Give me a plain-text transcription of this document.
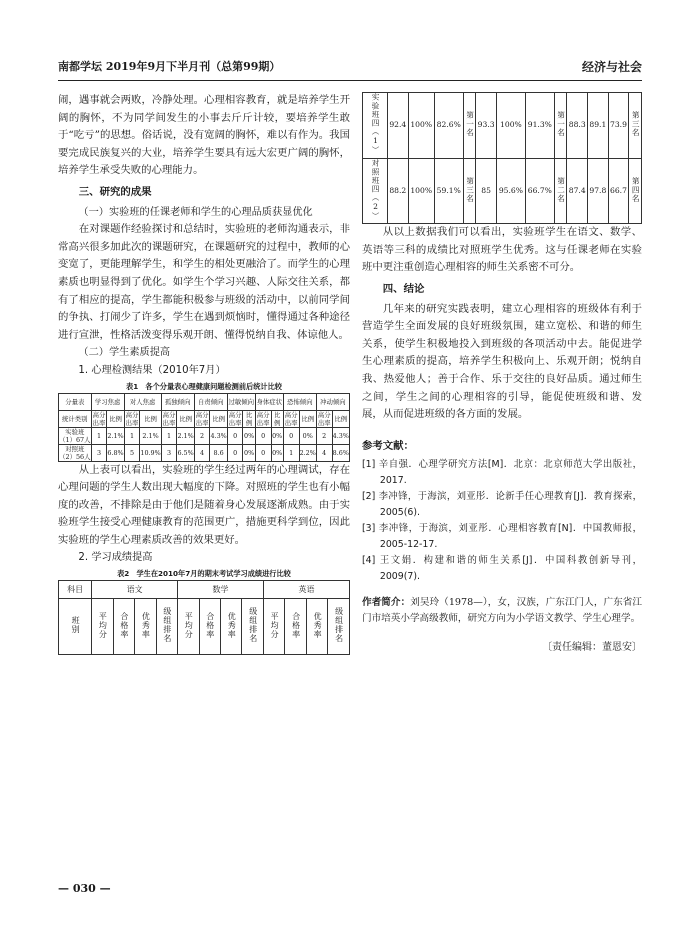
南都学坛 2019年9月下半月刊（总第99期）	经济与社会

闹，遇事就会两败，冷静处理。心理相容教育，就是培养学生开阔的胸怀，不为同学间发生的小事去斤斤计较，要培养学生敢于“吃亏”的思想。俗话说，没有宽阔的胸怀，难以有作为。我国要完成民族复兴的大业，培养学生要具有远大宏更广阔的胸怀，培养学生承受失败的心理能力。

三、研究的成果
（一）实验班的任课老师和学生的心理品质获显优化

在对课题作经验探讨和总结时，实验班的老师沟通表示，非常高兴很多加此次的课题研究，在课题研究的过程中，教师的心变宽了，更能理解学生，和学生的相处更融洽了。而学生的心理素质也明显得到了优化。如学生个学习兴趣、人际交往关系，都有了相应的提高，学生都能积极参与班级的活动中，以前同学间的争执、打闹少了许多，学生在遇到烦恼时，懂得通过各种途径进行宣泄，性格活泼变得乐观开朗、懂得悦纳自我、体谅他人。

（二）学生素质提高
1. 心理检测结果（2010年7月）
表1　各个分量表心理健康问题检测前后统计比较
分量表	学习焦虑		对人焦虑		孤独倾向		自责倾向		过敏倾向		身体症状		恐怖倾向		冲动倾向	
统计类别	高分出率	比例	高分出率	比例	高分出率	比例	高分出率	比例	高分出率	比例	高分出率	比例	高分出率	比例	高分出率	比例
实验班（1）67人	1	2.1%	1	2.1%	1	2.1%	2	4.3%	0	0%	0	0%	0	0%	2	4.3%
对照班（2）56人	3	6.8%	5	10.9%	3	6.5%	4	8.6	0	0%	0	0%	1	2.2%	4	8.6%

从上表可以看出，实验班的学生经过两年的心理调试，存在心理问题的学生人数出现大幅度的下降。对照班的学生也有小幅度的改善，不排除是由于他们是随着身心发展逐渐成熟。由于实验班学生接受心理健康教育的范围更广，措施更科学到位，因此实验班的学生心理素质改善的效果更好。

2. 学习成绩提高
表2　学生在2010年7月的期末考试学习成绩进行比较
科目	语文				数学				英语			
班别	平均分	合格率	优秀率	级组排名	平均分	合格率	优秀率	级组排名	平均分	合格率	优秀率	级组排名
实验班四（1）	92.4	100%	82.6%	第一名	93.3	100%	91.3%	第一名	88.3	89.1	73.9	第三名
对照班四（2）	88.2	100%	59.1%	第三名	85	95.6%	66.7%	第二名	87.4	97.8	66.7	第四名

从以上数据我们可以看出，实验班学生在语文、数学、英语等三科的成绩比对照班学生优秀。这与任课老师在实验班中更注重创造心理相容的师生关系密不可分。

四、结论

几年来的研究实践表明，建立心理相容的班级体有利于营造学生全面发展的良好班级氛围，建立宽松、和谐的师生关系，使学生积极地投入到班级的各项活动中去。能促进学生心理素质的提高，培养学生积极向上、乐观开朗；悦纳自我、热爱他人；善于合作、乐于交往的良好品质。通过师生之间，学生之间的心理相容的引导，能促使班级和谐、发展，从而促进班级的各方面的发展。

参考文献：
[1] 辛自强．心理学研究方法[M]．北京：北京师范大学出版社，2017.
[2] 李冲锋，于海滨，刘亚彤．论新手任心理教育[J]．教育探索，2005(6).
[3] 李冲锋，于海滨，刘亚彤．心理相容教育[N]．中国教师报，2005-12-17.
[4] 王文娟．构建和谐的师生关系[J]．中国科教创新导刊，2009(7).
作者简介：刘吴玲（1978—），女，汉族，广东江门人，广东省江门市培英小学高级教师，研究方向为小学语文教学、学生心理学。
〔责任编辑：董恩安〕
— 030 —
